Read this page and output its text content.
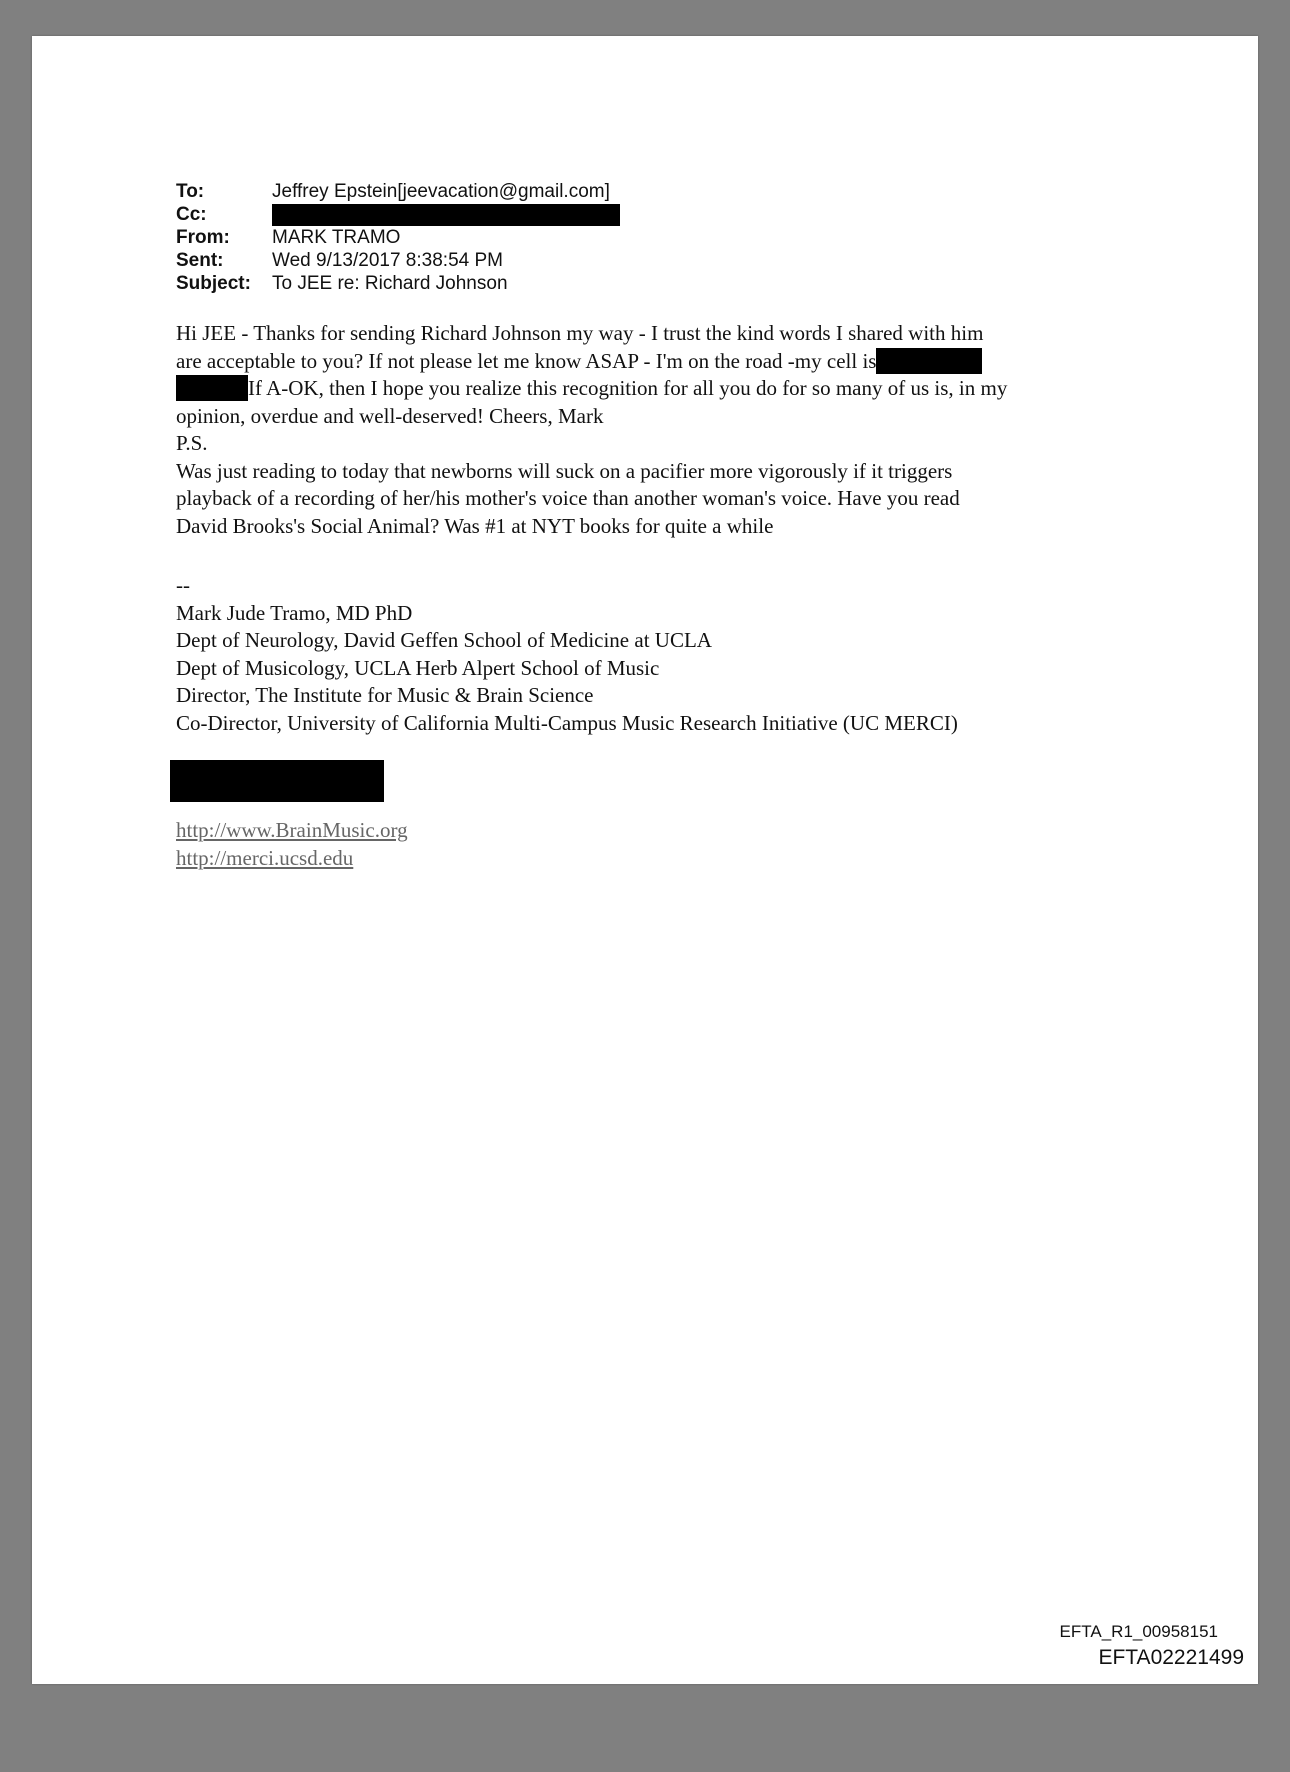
To:	Jeffrey Epstein[jeevacation@gmail.com]
Cc:
From:	MARK TRAMO
Sent:	Wed 9/13/2017 8:38:54 PM
Subject:	To JEE re: Richard Johnson

Hi JEE - Thanks for sending Richard Johnson my way - I trust the kind words I shared with him

are acceptable to you? If not please let me know ASAP - I'm on the road -my cell is

If A-OK, then I hope you realize this recognition for all you do for so many of us is, in my

opinion, overdue and well-deserved! Cheers, Mark

P.S.

Was just reading to today that newborns will suck on a pacifier more vigorously if it triggers

playback of a recording of her/his mother's voice than another woman's voice. Have you read

David Brooks's Social Animal? Was #1 at NYT books for quite a while

--

Mark Jude Tramo, MD PhD

Dept of Neurology, David Geffen School of Medicine at UCLA

Dept of Musicology, UCLA Herb Alpert School of Music

Director, The Institute for Music & Brain Science

Co-Director, University of California Multi-Campus Music Research Initiative (UC MERCI)

http://www.BrainMusic.org
http://merci.ucsd.edu
EFTA_R1_00958151
EFTA02221499
